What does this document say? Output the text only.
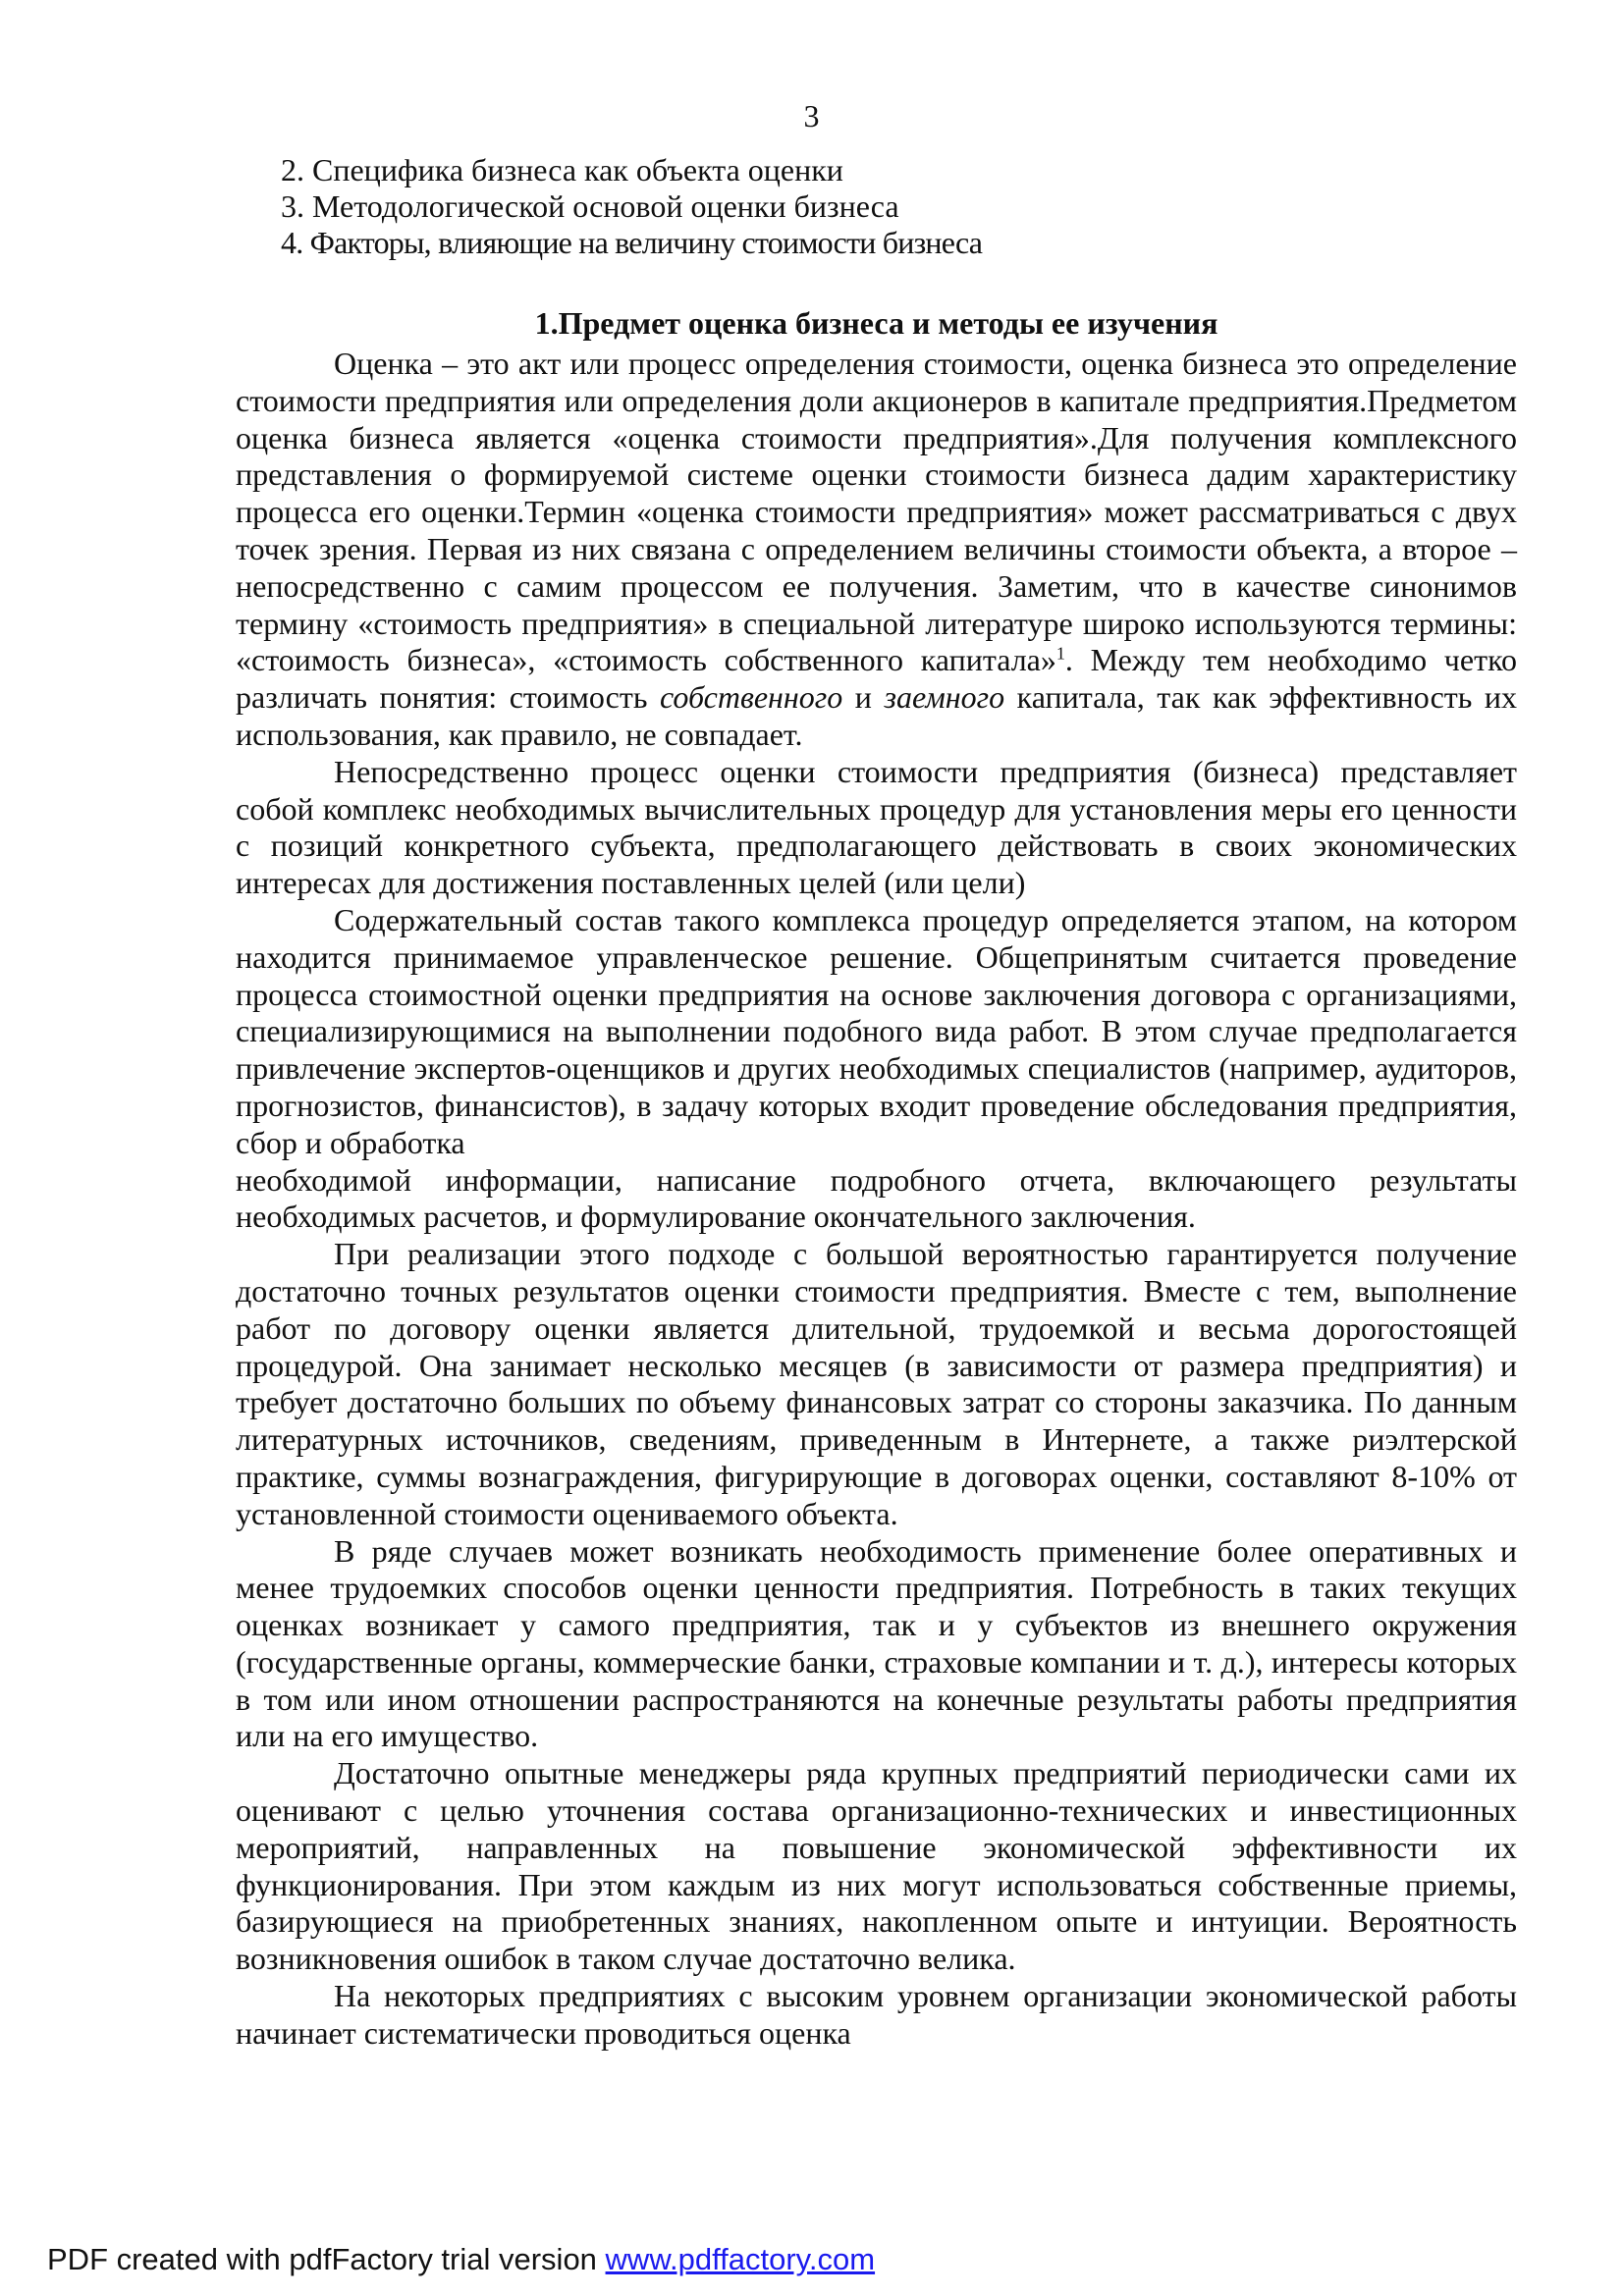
3
2. Специфика бизнеса как объекта оценки
3. Методологической основой оценки бизнеса
4. Факторы, влияющие на величину стоимости бизнеса
1.Предмет оценка бизнеса и методы ее изучения

Оценка – это акт или процесс определения стоимости, оценка бизнеса это определение стоимости предприятия или определения доли акционеров в капитале предприятия.Предметом оценка бизнеса является «оценка стоимости предприятия».Для получения комплексного представления о формируемой системе оценки стоимости бизнеса дадим характеристику процесса его оценки.Термин «оценка стоимости предприятия» может рассматриваться с двух точек зрения. Первая из них связана с определением величины стоимости объекта, а второе – непосредственно с самим процессом ее получения. Заметим, что в качестве синонимов термину «стоимость предприятия» в специальной литературе широко используются термины: «стоимость бизнеса», «стоимость собственного капитала»$^1$. Между тем необходимо четко различать понятия: стоимость собственного и заемного капитала, так как эффективность их использования, как правило, не совпадает.

Непосредственно процесс оценки стоимости предприятия (бизнеса) представляет собой комплекс необходимых вычислительных процедур для установления меры его ценности с позиций конкретного субъекта, предполагающего действовать в своих экономических интересах для достижения поставленных целей (или цели)

Содержательный состав такого комплекса процедур определяется этапом, на котором находится принимаемое управленческое решение. Общепринятым считается проведение процесса стоимостной оценки предприятия на основе заключения договора с организациями, специализирующимися на выполнении подобного вида работ. В этом случае предполагается привлечение экспертов-оценщиков и других необходимых специалистов (например, аудиторов, прогнозистов, финансистов), в задачу которых входит проведение обследования предприятия, сбор и обработка

необходимой информации, написание подробного отчета, включающего результаты необходимых расчетов, и формулирование окончательного заключения.

При реализации этого подходе с большой вероятностью гарантируется получение достаточно точных результатов оценки стоимости предприятия. Вместе с тем, выполнение работ по договору оценки является длительной, трудоемкой и весьма дорогостоящей процедурой. Она занимает несколько месяцев (в зависимости от размера предприятия) и требует достаточно больших по объему финансовых затрат со стороны заказчика. По данным литературных источников, сведениям, приведенным в Интернете, а также риэлтерской практике, суммы вознаграждения, фигурирующие в договорах оценки, составляют 8-10% от установленной стоимости оцениваемого объекта.

В ряде случаев может возникать необходимость применение более оперативных и менее трудоемких способов оценки ценности предприятия. Потребность в таких текущих оценках возникает у самого предприятия, так и у субъектов из внешнего окружения (государственные органы, коммерческие банки, страховые компании и т. д.), интересы которых в том или ином отношении распространяются на конечные результаты работы предприятия или на его имущество.

Достаточно опытные менеджеры ряда крупных предприятий периодически сами их оценивают с целью уточнения состава организационно-технических и инвестиционных мероприятий, направленных на повышение экономической эффективности их функционирования. При этом каждым из них могут использоваться собственные приемы, базирующиеся на приобретенных знаниях, накопленном опыте и интуиции. Вероятность возникновения ошибок в таком случае достаточно велика.

На некоторых предприятиях с высоким уровнем организации экономической работы начинает систематически проводиться оценка

PDF created with pdfFactory trial version www.pdffactory.com
